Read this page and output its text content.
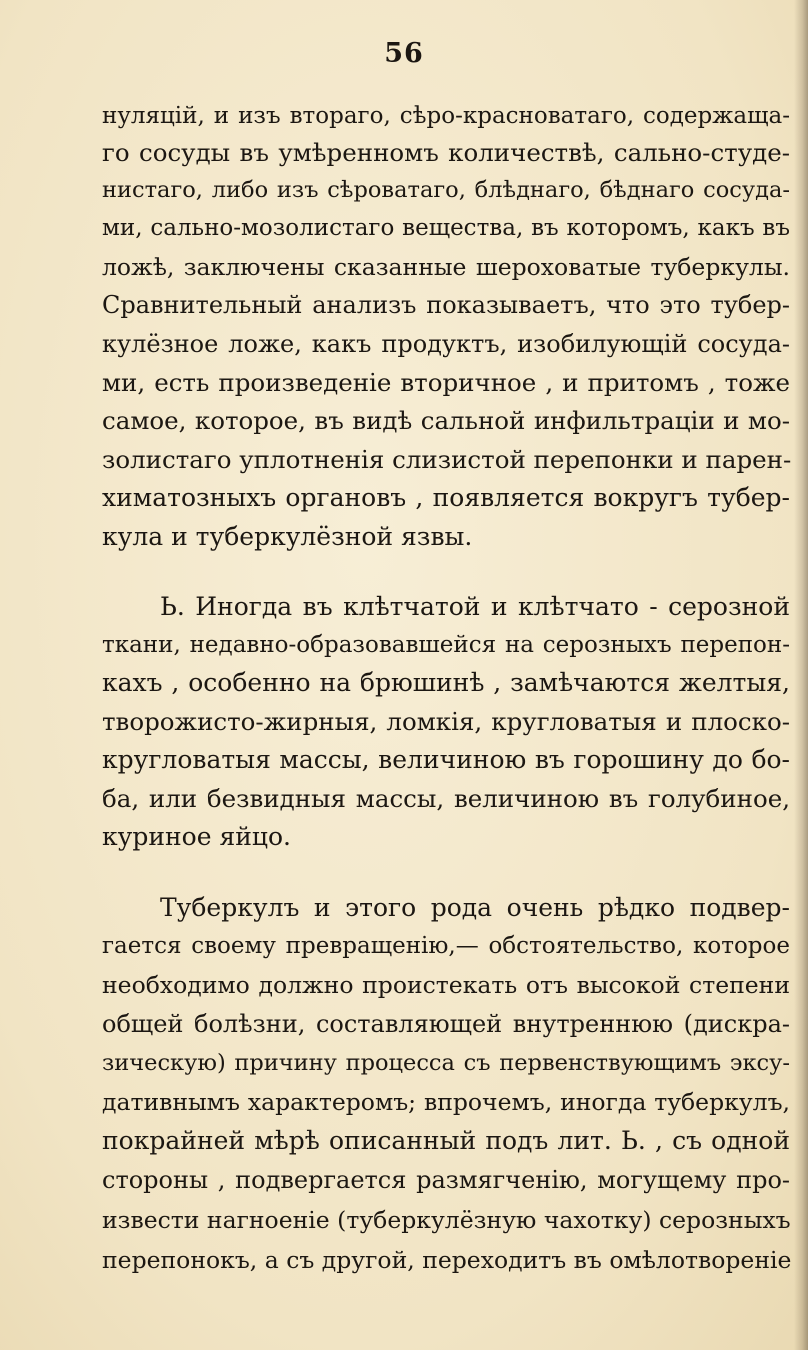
56
нуляцій, и изъ втораго, сѣро-красноватаго, содержаща-
го сосуды въ умѣренномъ количествѣ, сально-студе-
нистаго, либо изъ сѣроватаго, блѣднаго, бѣднаго сосуда-
ми, сально-мозолистаго вещества, въ которомъ, какъ въ
ложѣ, заключены сказанные шероховатые туберкулы.
Сравнительный анализъ показываетъ, что это тубер-
кулёзное ложе, какъ продуктъ, изобилующій сосуда-
ми, есть произведеніе вторичное , и притомъ , тоже
самое, которое, въ видѣ сальной инфильтраціи и мо-
золистаго уплотненія слизистой перепонки и парен-
химатозныхъ органовъ , появляется вокругъ тубер-
кула и туберкулёзной язвы.
Ь. Иногда въ клѣтчатой и клѣтчато - серозной
ткани, недавно-образовавшейся на серозныхъ перепон-
кахъ , особенно на брюшинѣ , замѣчаются желтыя,
творожисто-жирныя, ломкія, кругловатыя и плоско-
кругловатыя массы, величиною въ горошину до бо-
ба, или безвидныя массы, величиною въ голубиное,
куриное яйцо.
Туберкулъ и этого рода очень рѣдко подвер-
гается своему превращенію,— обстоятельство, которое
необходимо должно проистекать отъ высокой степени
общей болѣзни, составляющей внутреннюю (дискра-
зическую) причину процесса съ первенствующимъ эксу-
дативнымъ характеромъ; впрочемъ, иногда туберкулъ,
покрайней мѣрѣ описанный подъ лит. Ь. , съ одной
стороны , подвергается размягченію, могущему про-
извести нагноеніе (туберкулёзную чахотку) серозныхъ
перепонокъ, а съ другой, переходитъ въ омѣлотвореніе
